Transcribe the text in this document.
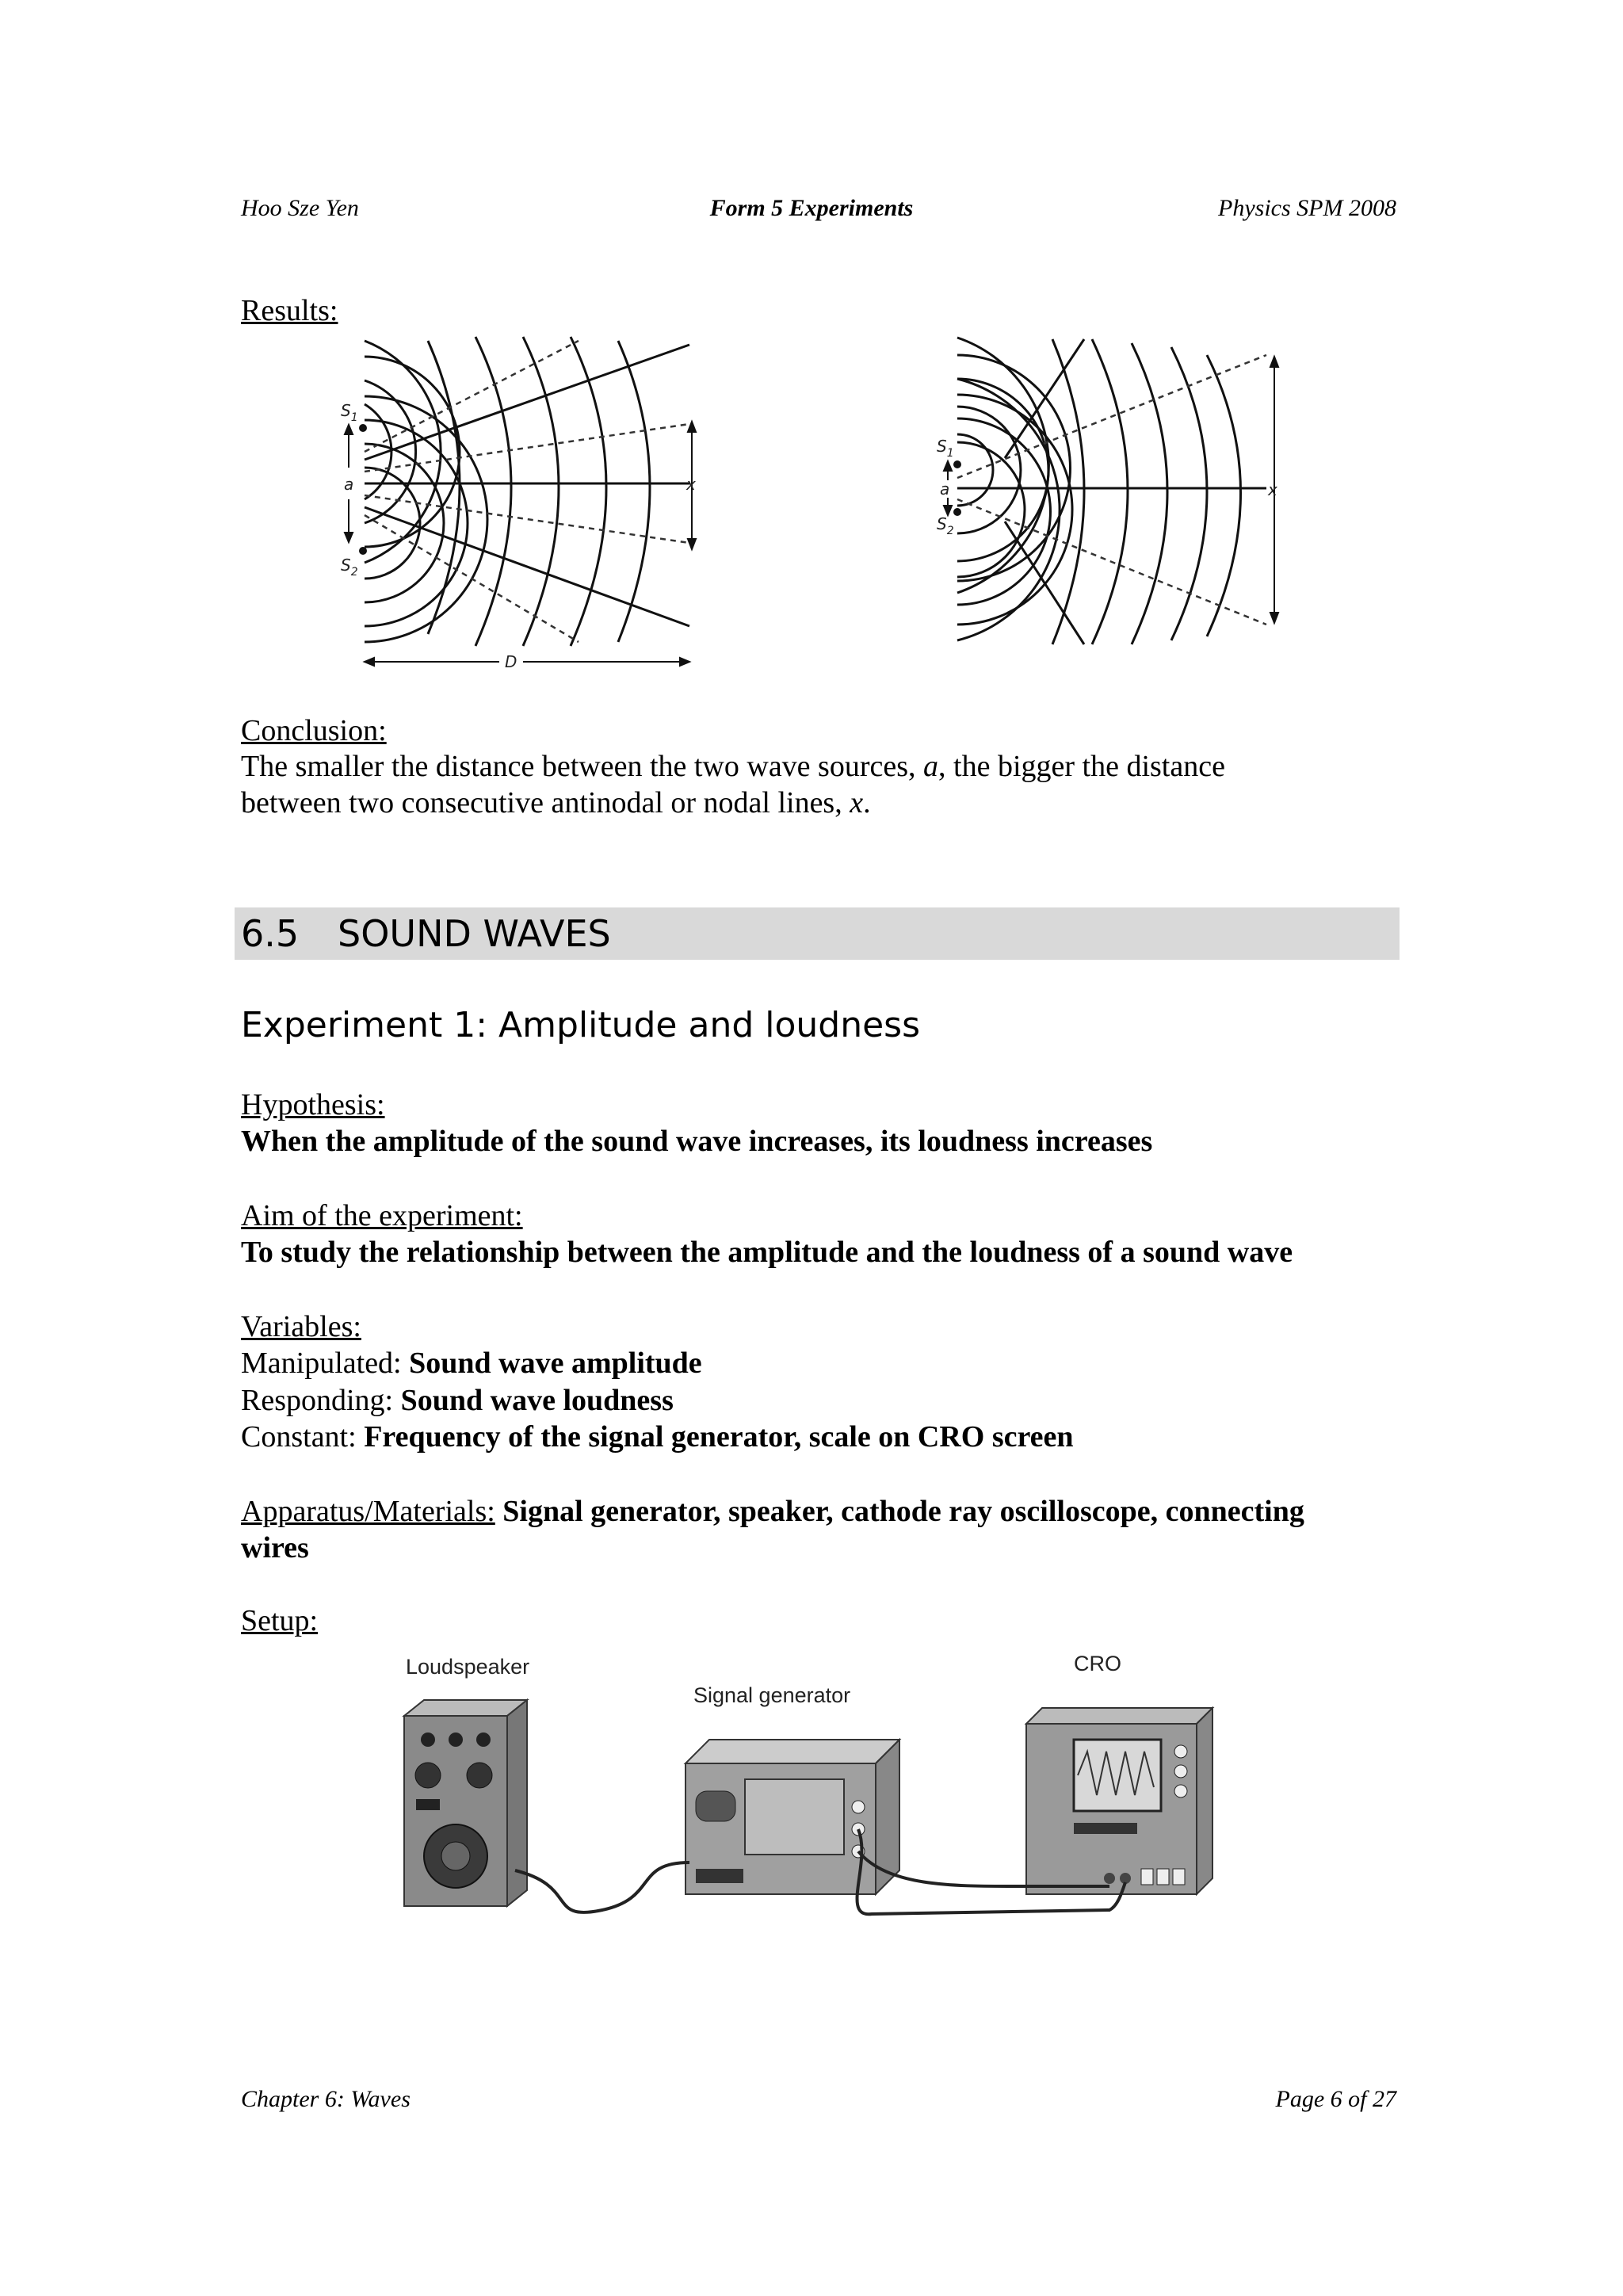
Hoo Sze Yen	Form 5 Experiments	Physics SPM 2008
Results:
$S_1$
a
$S_2$
x
D
$S_1$
a
$S_2$
x
Conclusion:
The smaller the distance between the two wave sources, a, the bigger the distance
between two consecutive antinodal or nodal lines, x.
6.5 SOUND WAVES
Experiment 1: Amplitude and loudness
Hypothesis:
When the amplitude of the sound wave increases, its loudness increases
Aim of the experiment:
To study the relationship between the amplitude and the loudness of a sound wave
Variables:
Manipulated: Sound wave amplitude
Responding: Sound wave loudness
Constant: Frequency of the signal generator, scale on CRO screen
Apparatus/Materials: Signal generator, speaker, cathode ray oscilloscope, connecting
wires
Setup:
Loudspeaker
Signal generator
CRO
Chapter 6: Waves	Page 6 of 27
